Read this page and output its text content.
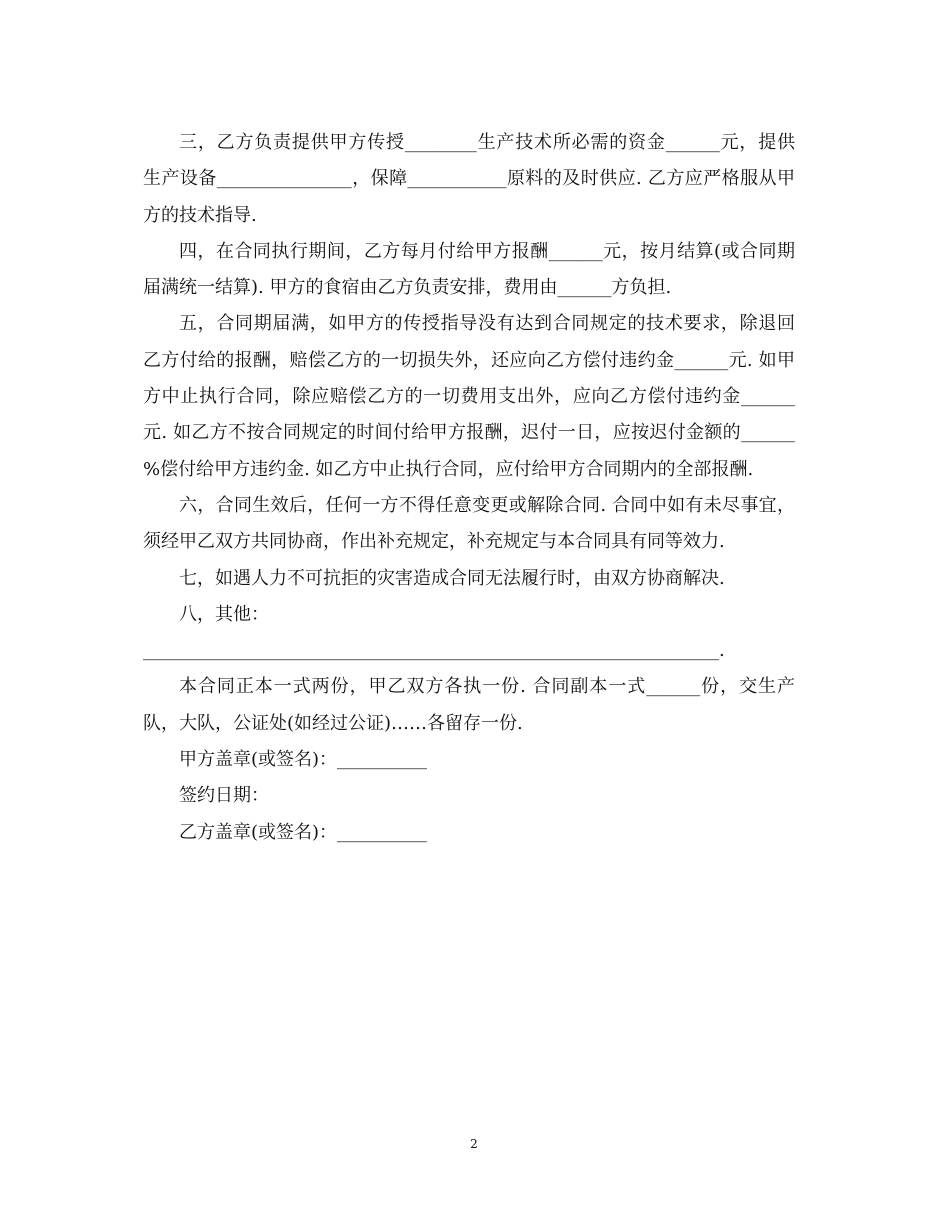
三，乙方负责提供甲方传授________生产技术所必需的资金______元，提供
生产设备_______________，保障___________原料的及时供应. 乙方应严格服从甲
方的技术指导.
四，在合同执行期间，乙方每月付给甲方报酬______元，按月结算(或合同期
届满统一结算). 甲方的食宿由乙方负责安排，费用由______方负担.
五，合同期届满，如甲方的传授指导没有达到合同规定的技术要求，除退回
乙方付给的报酬，赔偿乙方的一切损失外，还应向乙方偿付违约金______元. 如甲
方中止执行合同，除应赔偿乙方的一切费用支出外，应向乙方偿付违约金______
元. 如乙方不按合同规定的时间付给甲方报酬，迟付一日，应按迟付金额的______
%偿付给甲方违约金. 如乙方中止执行合同，应付给甲方合同期内的全部报酬.
六，合同生效后，任何一方不得任意变更或解除合同. 合同中如有未尽事宜，
须经甲乙双方共同协商，作出补充规定，补充规定与本合同具有同等效力.
七，如遇人力不可抗拒的灾害造成合同无法履行时，由双方协商解决.
八，其他：
________________________________________________________________.
本合同正本一式两份，甲乙双方各执一份. 合同副本一式______份，交生产
队，大队，公证处(如经过公证)……各留存一份.
甲方盖章(或签名)：__________
签约日期：
乙方盖章(或签名)：__________
2
